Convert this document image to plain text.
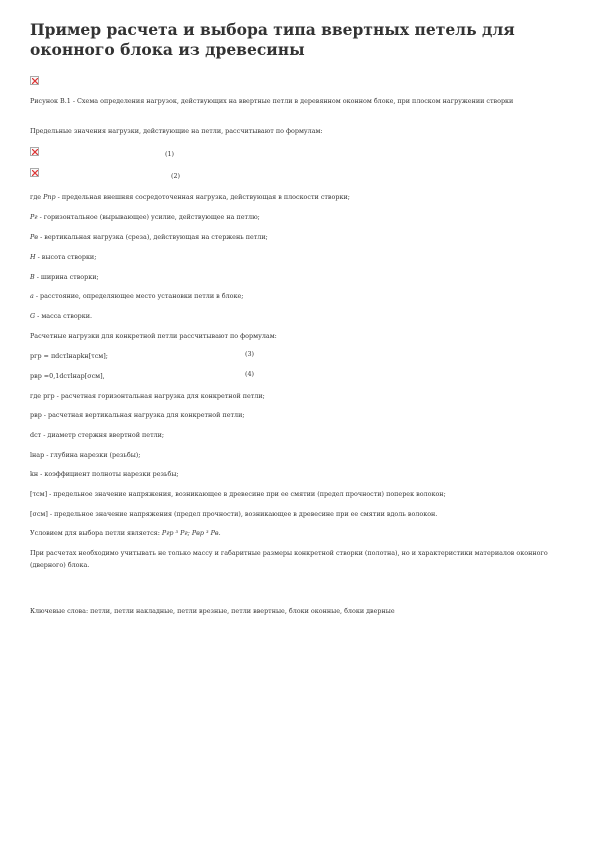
Пример расчета и выбора типа ввертных петель для оконного блока из древесины

Рисунок В.1 - Схема определения нагрузок, действующих на ввертные петли в деревянном оконном блоке, при плоском нагружении створки

Предельные значения нагрузки, действующие на петли, рассчитывают по формулам:

(1)
(2)

где Pпр - предельная внешняя сосредоточенная нагрузка, действующая в плоскости створки;

Pг - горизонтальное (вырывающее) усилие, действующее на петлю;

Pв - вертикальная нагрузка (среза), действующая на стержень петли;

H - высота створки;

B - ширина створки;

a - расстояние, определяющее место установки петли в блоке;

G - масса створки.

Расчетные нагрузки для конкретной петли рассчитывают по формулам:

pгр = πdстlнарkн[τсм];	(3)

pвр =0,1dстlнар[σсм],	(4)

где pгр - расчетная горизонтальная нагрузка для конкретной петли;

pвр - расчетная вертикальная нагрузка для конкретной петли;

dст - диаметр стержня ввертной петли;

lнар - глубина нарезки (резьбы);

kн - коэффициент полноты нарезки резьбы;

[τсм] - предельное значение напряжения, возникающее в древесине при ее смятии (предел прочности) поперек волокон;

[σсм] - предельное значение напряжения (предел прочности), возникающее в древесине при ее смятии вдоль волокон.

Условием для выбора петли является: Pгр ³ Pг; Pвр ³ Pв.

При расчетах необходимо учитывать не только массу и габаритные размеры конкретной створки (полотна), но и характеристики материалов оконного (дверного) блока.

Ключевые слова: петли, петли накладные, петли врезные, петли ввертные, блоки оконные, блоки дверные
